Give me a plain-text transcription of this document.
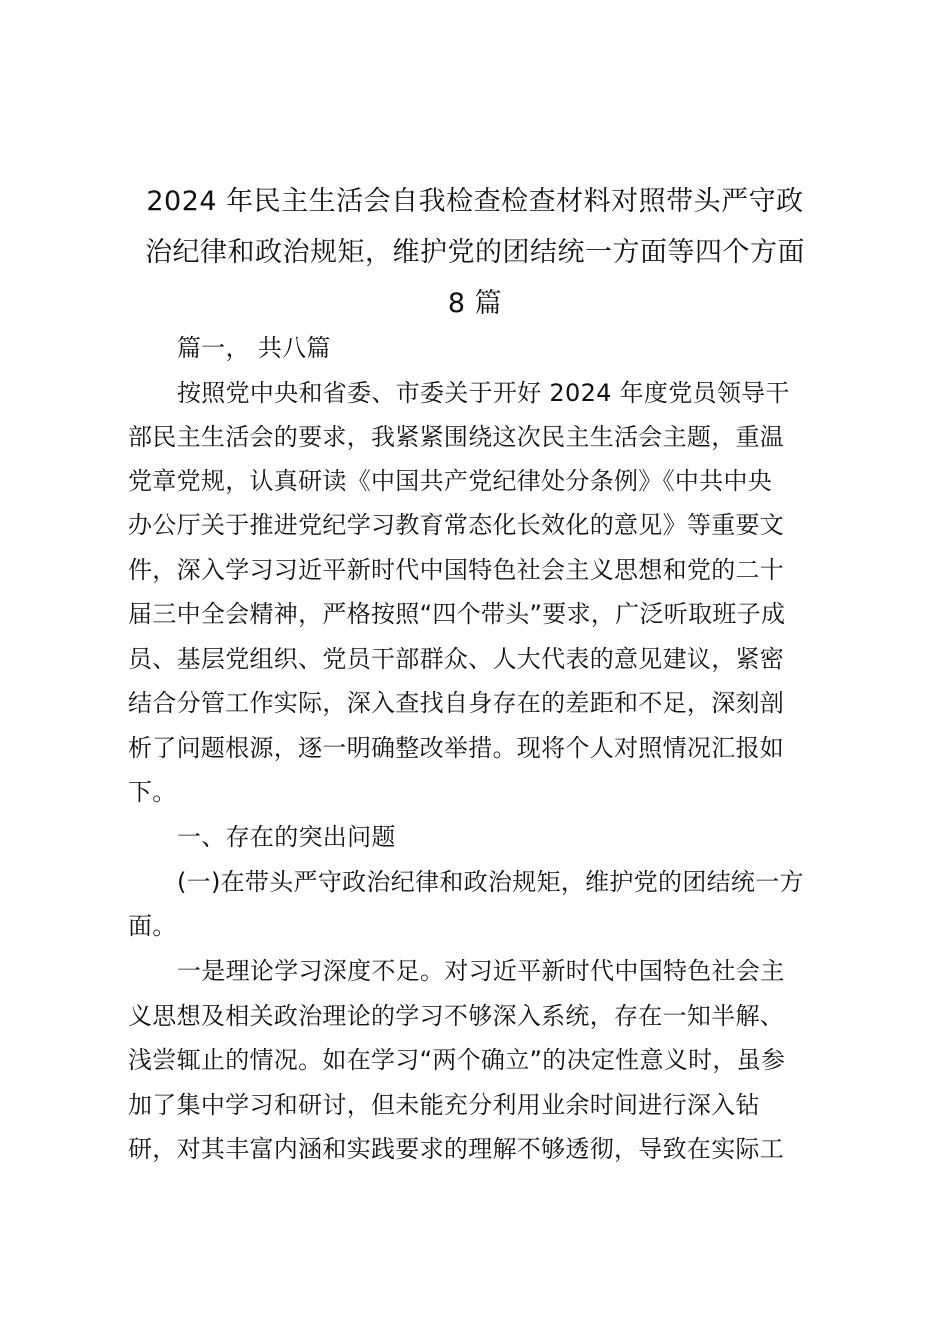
2024 年民主生活会自我检查检查材料对照带头严守政
治纪律和政治规矩，维护党的团结统一方面等四个方面
8 篇
篇一， 共八篇
按照党中央和省委、市委关于开好 2024 年度党员领导干
部民主生活会的要求，我紧紧围绕这次民主生活会主题，重温
党章党规，认真研读《中国共产党纪律处分条例》《中共中央
办公厅关于推进党纪学习教育常态化长效化的意见》等重要文
件，深入学习习近平新时代中国特色社会主义思想和党的二十
届三中全会精神，严格按照“四个带头”要求，广泛听取班子成
员、基层党组织、党员干部群众、人大代表的意见建议，紧密
结合分管工作实际，深入查找自身存在的差距和不足，深刻剖
析了问题根源，逐一明确整改举措。现将个人对照情况汇报如
下。
一、存在的突出问题
(一)在带头严守政治纪律和政治规矩，维护党的团结统一方
面。
一是理论学习深度不足。对习近平新时代中国特色社会主
义思想及相关政治理论的学习不够深入系统，存在一知半解、
浅尝辄止的情况。如在学习“两个确立”的决定性意义时，虽参
加了集中学习和研讨，但未能充分利用业余时间进行深入钻
研，对其丰富内涵和实践要求的理解不够透彻，导致在实际工
